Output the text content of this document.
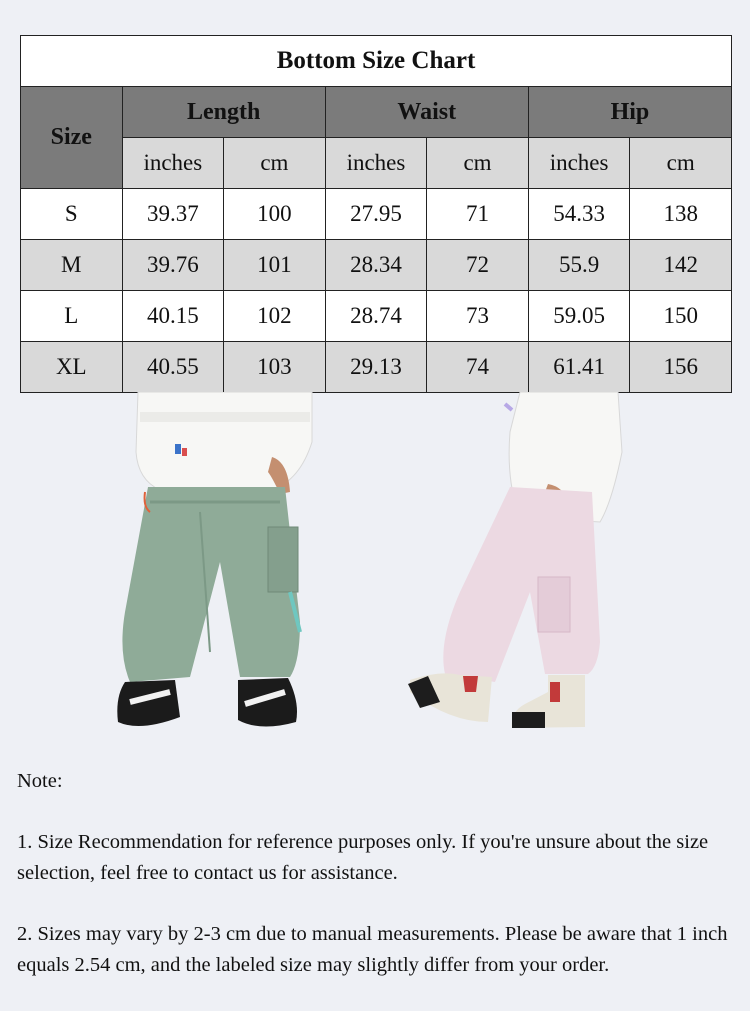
Bottom Size Chart						
Size	Length		Waist		Hip	
	inches	cm	inches	cm	inches	cm
S	39.37	100	27.95	71	54.33	138
M	39.76	101	28.34	72	55.9	142
L	40.15	102	28.74	73	59.05	150
XL	40.55	103	29.13	74	61.41	156

Note:

1. Size Recommendation for reference purposes only. If you're unsure about the size selection, feel free to contact us for assistance.

2. Sizes may vary by 2-3 cm due to manual measurements. Please be aware that 1 inch equals 2.54 cm, and the labeled size may slightly differ from your order.
